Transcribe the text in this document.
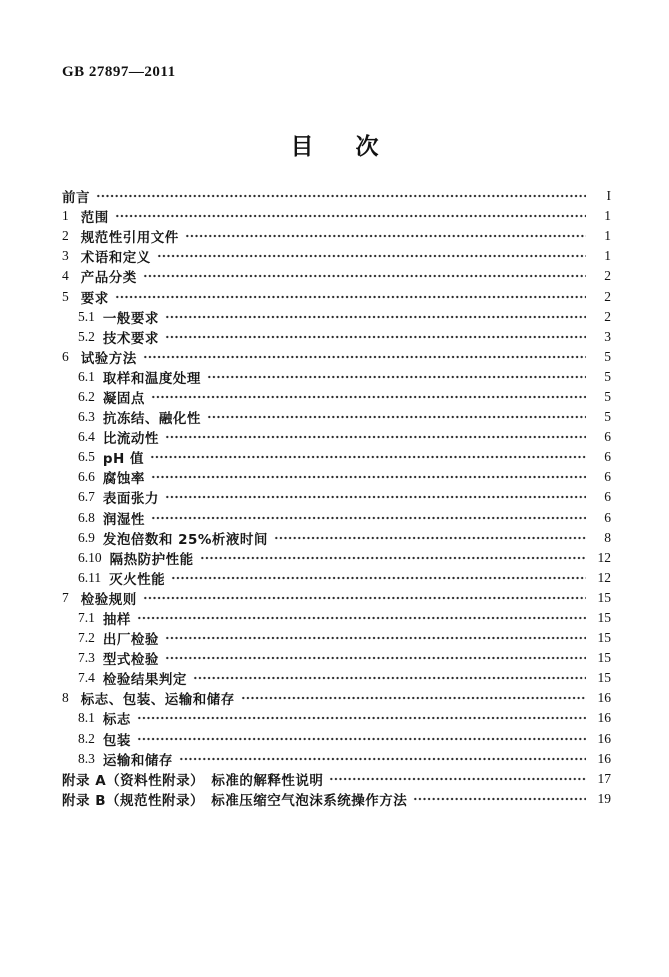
GB 27897—2011
目 次
前言	I
1 范围	1
2 规范性引用文件	1
3 术语和定义	1
4 产品分类	2
5 要求	2
5.1 一般要求	2
5.2 技术要求	3
6 试验方法	5
6.1 取样和温度处理	5
6.2 凝固点	5
6.3 抗冻结、融化性	5
6.4 比流动性	6
6.5 pH 值	6
6.6 腐蚀率	6
6.7 表面张力	6
6.8 润湿性	6
6.9 发泡倍数和 25%析液时间	8
6.10 隔热防护性能	12
6.11 灭火性能	12
7 检验规则	15
7.1 抽样	15
7.2 出厂检验	15
7.3 型式检验	15
7.4 检验结果判定	15
8 标志、包装、运输和储存	16
8.1 标志	16
8.2 包装	16
8.3 运输和储存	16
附录 A（资料性附录）　标准的解释性说明	17
附录 B（规范性附录）　标准压缩空气泡沫系统操作方法	19
